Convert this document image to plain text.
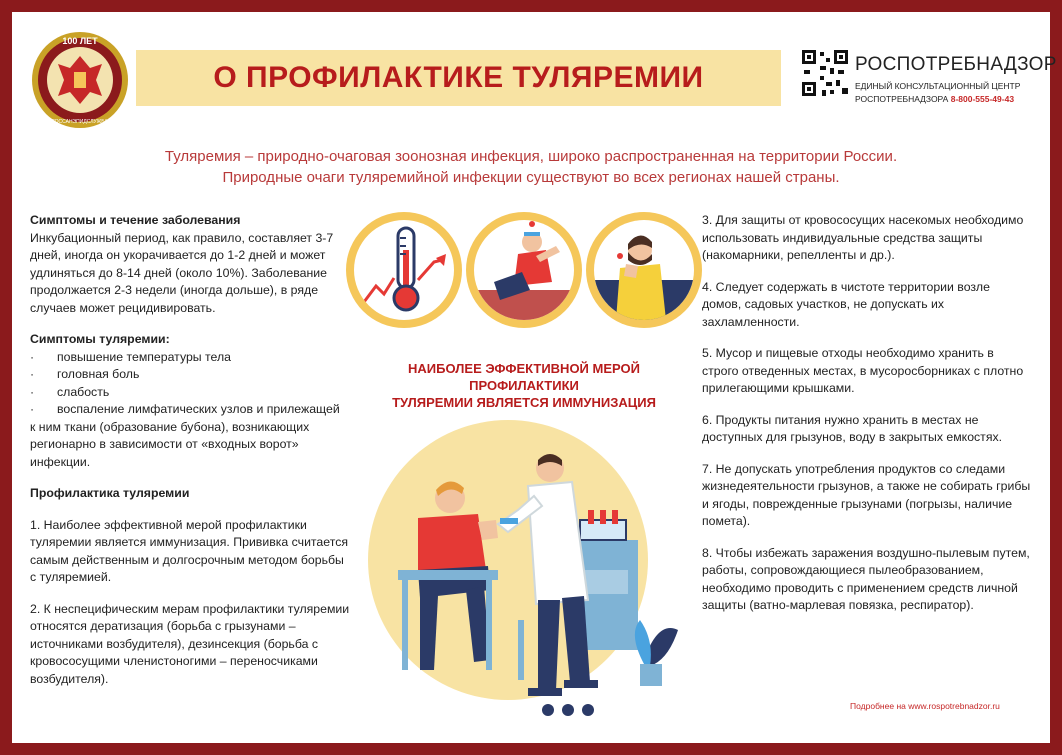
100 ЛЕТ
ГОССАНЭПИДСЛУЖБА
О ПРОФИЛАКТИКЕ ТУЛЯРЕМИИ	РОСПОТРЕБНАДЗОР
ЕДИНЫЙ КОНСУЛЬТАЦИОННЫЙ ЦЕНТР
РОСПОТРЕБНАДЗОРА 8-800-555-49-43
Туляремия – природно-очаговая зоонозная инфекция, широко распространенная на территории России.
Природные очаги туляремийной инфекции существуют во всех регионах нашей страны.
Симптомы и течение заболевания

Инкубационный период, как правило, составляет 3-7 дней, иногда он укорачивается до 1-2 дней и может удлиняться до 8-14 дней (около 10%). Заболевание продолжается 2-3 недели (иногда дольше), в ряде случаев может рецидивировать.

Симптомы туляремии:
·	повышение температуры тела
·	головная боль
·	слабость
·	воспаление лимфатических узлов и прилежащей

к ним ткани (образование бубона), возникающих регионарно в зависимости от «входных ворот» инфекции.

Профилактика туляремии

1. Наиболее эффективной мерой профилактики туляремии является иммунизация. Прививка считается самым действенным и долгосрочным методом борьбы с туляремией.

2. К неспецифическим мерам профилактики туляремии относятся дератизация (борьба с грызунами – источниками возбудителя), дезинсекция (борьба с кровососущими членистоногими – переносчиками возбудителя).

НАИБОЛЕЕ ЭФФЕКТИВНОЙ МЕРОЙ ПРОФИЛАКТИКИ
ТУЛЯРЕМИИ ЯВЛЯЕТСЯ ИММУНИЗАЦИЯ

3. Для защиты от кровососущих насекомых необходимо использовать индивидуальные средства защиты (накомарники, репелленты и др.).

4. Следует содержать в чистоте территории возле домов, садовых участков, не допускать их захламленности.

5. Мусор и пищевые отходы необходимо хранить в строго отведенных местах, в мусоросборниках с плотно прилегающими крышками.

6. Продукты питания нужно хранить в местах не доступных для грызунов, воду в закрытых емкостях.

7. Не допускать употребления продуктов со следами жизнедеятельности грызунов, а также не собирать грибы и ягоды, поврежденные грызунами (погрызы, наличие помета).

8. Чтобы избежать заражения воздушно-пылевым путем, работы, сопровождающиеся пылеобразованием, необходимо проводить с применением средств личной защиты (ватно-марлевая повязка, респиратор).

Подробнее на www.rospotrebnadzor.ru
